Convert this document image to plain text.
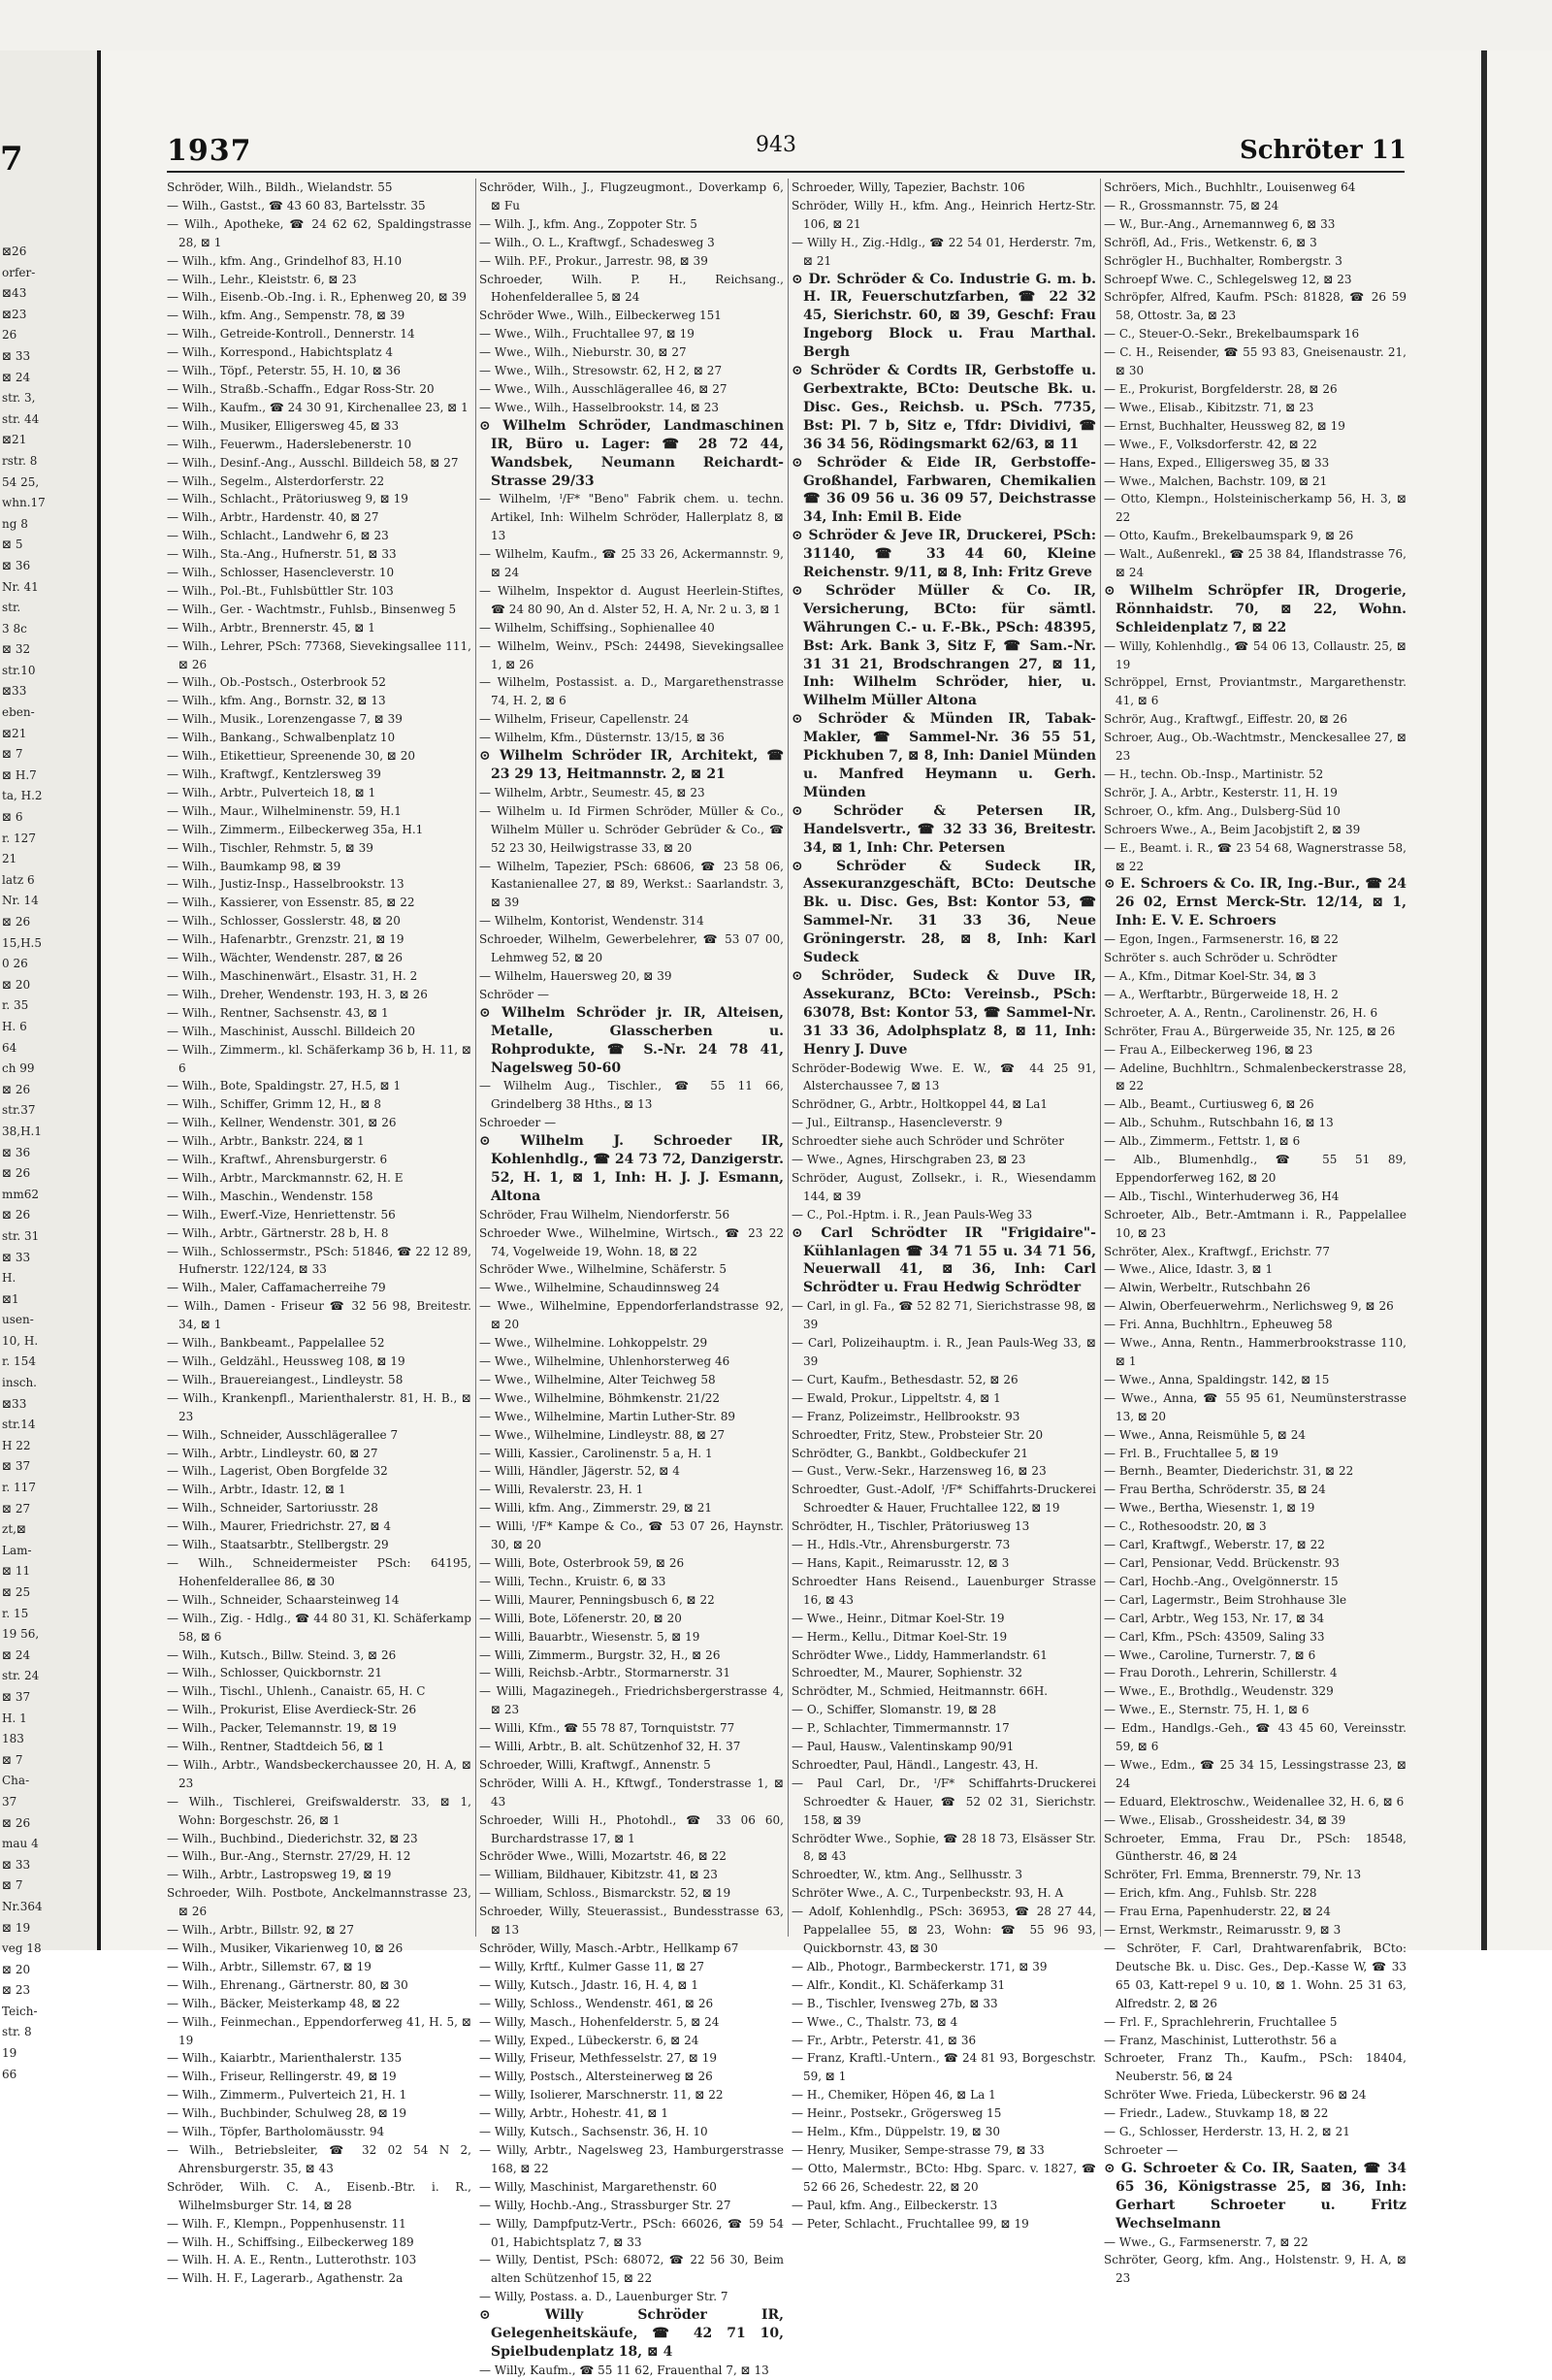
7
⊠26
orfer-
⊠43
⊠23
26
⊠ 33
⊠ 24
str. 3,
str. 44
⊠21
rstr. 8
54 25,
whn.17
ng 8
⊠ 5
⊠ 36
Nr. 41
str.
3 8c
⊠ 32
str.10
⊠33
eben-
⊠21
⊠ 7
⊠ H.7
ta, H.2
⊠ 6
r. 127
21
latz 6
Nr. 14
⊠ 26
15,H.5
0 26
⊠ 20
r. 35
H. 6
64
ch 99
⊠ 26
str.37
38,H.1
⊠ 36
⊠ 26
mm62
⊠ 26
str. 31
⊠ 33
H.
⊠1
usen-
10, H.
r. 154
insch.
⊠33
str.14
H 22
⊠ 37
r. 117
⊠ 27
zt,⊠
Lam-
⊠ 11
⊠ 25
r. 15
19 56,
⊠ 24
str. 24
⊠ 37
H. 1
183
⊠ 7
Cha-
37
⊠ 26
mau 4
⊠ 33
⊠ 7
Nr.364
⊠ 19
veg 18
⊠ 20
⊠ 23
Teich-
str. 8
19
66
1937	943	Schröter 11

Schröder, Wilh., Bildh., Wielandstr. 55

— Wilh., Gastst., ☎ 43 60 83, Bartelsstr. 35

— Wilh., Apotheke, ☎ 24 62 62, Spaldingstrasse 28, ⊠ 1

— Wilh., kfm. Ang., Grindelhof 83, H.10

— Wilh., Lehr., Kleiststr. 6, ⊠ 23

— Wilh., Eisenb.-Ob.-Ing. i. R., Ephenweg 20, ⊠ 39

— Wilh., kfm. Ang., Sempenstr. 78, ⊠ 39

— Wilh., Getreide-Kontroll., Dennerstr. 14

— Wilh., Korrespond., Habichtsplatz 4

— Wilh., Töpf., Peterstr. 55, H. 10, ⊠ 36

— Wilh., Straßb.-Schaffn., Edgar Ross-Str. 20

— Wilh., Kaufm., ☎ 24 30 91, Kirchenallee 23, ⊠ 1

— Wilh., Musiker, Elligersweg 45, ⊠ 33

— Wilh., Feuerwm., Haderslebenerstr. 10

— Wilh., Desinf.-Ang., Ausschl. Billdeich 58, ⊠ 27

— Wilh., Segelm., Alsterdorferstr. 22

— Wilh., Schlacht., Prätoriusweg 9, ⊠ 19

— Wilh., Arbtr., Hardenstr. 40, ⊠ 27

— Wilh., Schlacht., Landwehr 6, ⊠ 23

— Wilh., Sta.-Ang., Hufnerstr. 51, ⊠ 33

— Wilh., Schlosser, Hasencleverstr. 10

— Wilh., Pol.-Bt., Fuhlsbüttler Str. 103

— Wilh., Ger. - Wachtmstr., Fuhlsb., Binsenweg 5

— Wilh., Arbtr., Brennerstr. 45, ⊠ 1

— Wilh., Lehrer, PSch: 77368, Sievekingsallee 111, ⊠ 26

— Wilh., Ob.-Postsch., Osterbrook 52

— Wilh., kfm. Ang., Bornstr. 32, ⊠ 13

— Wilh., Musik., Lorenzengasse 7, ⊠ 39

— Wilh., Bankang., Schwalbenplatz 10

— Wilh., Etikettieur, Spreenende 30, ⊠ 20

— Wilh., Kraftwgf., Kentzlersweg 39

— Wilh., Arbtr., Pulverteich 18, ⊠ 1

— Wilh., Maur., Wilhelminenstr. 59, H.1

— Wilh., Zimmerm., Eilbeckerweg 35a, H.1

— Wilh., Tischler, Rehmstr. 5, ⊠ 39

— Wilh., Baumkamp 98, ⊠ 39

— Wilh., Justiz-Insp., Hasselbrookstr. 13

— Wilh., Kassierer, von Essenstr. 85, ⊠ 22

— Wilh., Schlosser, Gosslerstr. 48, ⊠ 20

— Wilh., Hafenarbtr., Grenzstr. 21, ⊠ 19

— Wilh., Wächter, Wendenstr. 287, ⊠ 26

— Wilh., Maschinenwärt., Elsastr. 31, H. 2

— Wilh., Dreher, Wendenstr. 193, H. 3, ⊠ 26

— Wilh., Rentner, Sachsenstr. 43, ⊠ 1

— Wilh., Maschinist, Ausschl. Billdeich 20

— Wilh., Zimmerm., kl. Schäferkamp 36 b, H. 11, ⊠ 6

— Wilh., Bote, Spaldingstr. 27, H.5, ⊠ 1

— Wilh., Schiffer, Grimm 12, H., ⊠ 8

— Wilh., Kellner, Wendenstr. 301, ⊠ 26

— Wilh., Arbtr., Bankstr. 224, ⊠ 1

— Wilh., Kraftwf., Ahrensburgerstr. 6

— Wilh., Arbtr., Marckmannstr. 62, H. E

— Wilh., Maschin., Wendenstr. 158

— Wilh., Ewerf.-Vize, Henriettenstr. 56

— Wilh., Arbtr., Gärtnerstr. 28 b, H. 8

— Wilh., Schlossermstr., PSch: 51846, ☎ 22 12 89, Hufnerstr. 122/124, ⊠ 33

— Wilh., Maler, Caffamacherreihe 79

— Wilh., Damen - Friseur ☎ 32 56 98, Breitestr. 34, ⊠ 1

— Wilh., Bankbeamt., Pappelallee 52

— Wilh., Geldzähl., Heussweg 108, ⊠ 19

— Wilh., Brauereiangest., Lindleystr. 58

— Wilh., Krankenpfl., Marienthalerstr. 81, H. B., ⊠ 23

— Wilh., Schneider, Ausschlägerallee 7

— Wilh., Arbtr., Lindleystr. 60, ⊠ 27

— Wilh., Lagerist, Oben Borgfelde 32

— Wilh., Arbtr., Idastr. 12, ⊠ 1

— Wilh., Schneider, Sartoriusstr. 28

— Wilh., Maurer, Friedrichstr. 27, ⊠ 4

— Wilh., Staatsarbtr., Stellbergstr. 29

— Wilh., Schneidermeister PSch: 64195, Hohenfelderallee 86, ⊠ 30

— Wilh., Schneider, Schaarsteinweg 14

— Wilh., Zig. - Hdlg., ☎ 44 80 31, Kl. Schäferkamp 58, ⊠ 6

— Wilh., Kutsch., Billw. Steind. 3, ⊠ 26

— Wilh., Schlosser, Quickbornstr. 21

— Wilh., Tischl., Uhlenh., Canaistr. 65, H. C

— Wilh., Prokurist, Elise Averdieck-Str. 26

— Wilh., Packer, Telemannstr. 19, ⊠ 19

— Wilh., Rentner, Stadtdeich 56, ⊠ 1

— Wilh., Arbtr., Wandsbeckerchaussee 20, H. A, ⊠ 23

— Wilh., Tischlerei, Greifswalderstr. 33, ⊠ 1, Wohn: Borgeschstr. 26, ⊠ 1

— Wilh., Buchbind., Diederichstr. 32, ⊠ 23

— Wilh., Bur.-Ang., Sternstr. 27/29, H. 12

— Wilh., Arbtr., Lastropsweg 19, ⊠ 19

Schroeder, Wilh. Postbote, Anckelmannstrasse 23, ⊠ 26

— Wilh., Arbtr., Billstr. 92, ⊠ 27

— Wilh., Musiker, Vikarienweg 10, ⊠ 26

— Wilh., Arbtr., Sillemstr. 67, ⊠ 19

— Wilh., Ehrenang., Gärtnerstr. 80, ⊠ 30

— Wilh., Bäcker, Meisterkamp 48, ⊠ 22

— Wilh., Feinmechan., Eppendorferweg 41, H. 5, ⊠ 19

— Wilh., Kaiarbtr., Marienthalerstr. 135

— Wilh., Friseur, Rellingerstr. 49, ⊠ 19

— Wilh., Zimmerm., Pulverteich 21, H. 1

— Wilh., Buchbinder, Schulweg 28, ⊠ 19

— Wilh., Töpfer, Bartholomäusstr. 94

— Wilh., Betriebsleiter, ☎ 32 02 54 N 2, Ahrensburgerstr. 35, ⊠ 43

Schröder, Wilh. C. A., Eisenb.-Btr. i. R., Wilhelmsburger Str. 14, ⊠ 28

— Wilh. F., Klempn., Poppenhusenstr. 11

— Wilh. H., Schiffsing., Eilbeckerweg 189

— Wilh. H. A. E., Rentn., Lutterothstr. 103

— Wilh. H. F., Lagerarb., Agathenstr. 2a

Schröder, Wilh., J., Flugzeugmont., Doverkamp 6, ⊠ Fu

— Wilh. J., kfm. Ang., Zoppoter Str. 5

— Wilh., O. L., Kraftwgf., Schadesweg 3

— Wilh. P.F., Prokur., Jarrestr. 98, ⊠ 39

Schroeder, Wilh. P. H., Reichsang., Hohenfelderallee 5, ⊠ 24

Schröder Wwe., Wilh., Eilbeckerweg 151

— Wwe., Wilh., Fruchtallee 97, ⊠ 19

— Wwe., Wilh., Nieburstr. 30, ⊠ 27

— Wwe., Wilh., Stresowstr. 62, H 2, ⊠ 27

— Wwe., Wilh., Ausschlägerallee 46, ⊠ 27

— Wwe., Wilh., Hasselbrookstr. 14, ⊠ 23

⊙ Wilhelm Schröder, Landmaschinen IR, Büro u. Lager: ☎ 28 72 44, Wandsbek, Neumann Reichardt-Strasse 29/33

— Wilhelm, ᴵ/F* "Beno" Fabrik chem. u. techn. Artikel, Inh: Wilhelm Schröder, Hallerplatz 8, ⊠ 13

— Wilhelm, Kaufm., ☎ 25 33 26, Ackermannstr. 9, ⊠ 24

— Wilhelm, Inspektor d. August Heerlein-Stiftes, ☎ 24 80 90, An d. Alster 52, H. A, Nr. 2 u. 3, ⊠ 1

— Wilhelm, Schiffsing., Sophienallee 40

— Wilhelm, Weinv., PSch: 24498, Sievekingsallee 1, ⊠ 26

— Wilhelm, Postassist. a. D., Margarethenstrasse 74, H. 2, ⊠ 6

— Wilhelm, Friseur, Capellenstr. 24

— Wilhelm, Kfm., Düsternstr. 13/15, ⊠ 36

⊙ Wilhelm Schröder IR, Architekt, ☎ 23 29 13, Heitmannstr. 2, ⊠ 21

— Wilhelm, Arbtr., Seumestr. 45, ⊠ 23

— Wilhelm u. Id Firmen Schröder, Müller & Co., Wilhelm Müller u. Schröder Gebrüder & Co., ☎ 52 23 30, Heilwigstrasse 33, ⊠ 20

— Wilhelm, Tapezier, PSch: 68606, ☎ 23 58 06, Kastanienallee 27, ⊠ 89, Werkst.: Saarlandstr. 3, ⊠ 39

— Wilhelm, Kontorist, Wendenstr. 314

Schroeder, Wilhelm, Gewerbelehrer, ☎ 53 07 00, Lehmweg 52, ⊠ 20

— Wilhelm, Hauersweg 20, ⊠ 39

Schröder —

⊙ Wilhelm Schröder jr. IR, Alteisen, Metalle, Glasscherben u. Rohprodukte, ☎ S.-Nr. 24 78 41, Nagelsweg 50-60

— Wilhelm Aug., Tischler., ☎ 55 11 66, Grindelberg 38 Hths., ⊠ 13

Schroeder —

⊙ Wilhelm J. Schroeder IR, Kohlenhdlg., ☎ 24 73 72, Danzigerstr. 52, H. 1, ⊠ 1, Inh: H. J. J. Esmann, Altona

Schröder, Frau Wilhelm, Niendorferstr. 56

Schroeder Wwe., Wilhelmine, Wirtsch., ☎ 23 22 74, Vogelweide 19, Wohn. 18, ⊠ 22

Schröder Wwe., Wilhelmine, Schäferstr. 5

— Wwe., Wilhelmine, Schaudinnsweg 24

— Wwe., Wilhelmine, Eppendorferlandstrasse 92, ⊠ 20

— Wwe., Wilhelmine. Lohkoppelstr. 29

— Wwe., Wilhelmine, Uhlenhorsterweg 46

— Wwe., Wilhelmine, Alter Teichweg 58

— Wwe., Wilhelmine, Böhmkenstr. 21/22

— Wwe., Wilhelmine, Martin Luther-Str. 89

— Wwe., Wilhelmine, Lindleystr. 88, ⊠ 27

— Willi, Kassier., Carolinenstr. 5 a, H. 1

— Willi, Händler, Jägerstr. 52, ⊠ 4

— Willi, Revalerstr. 23, H. 1

— Willi, kfm. Ang., Zimmerstr. 29, ⊠ 21

— Willi, ᴵ/F* Kampe & Co., ☎ 53 07 26, Haynstr. 30, ⊠ 20

— Willi, Bote, Osterbrook 59, ⊠ 26

— Willi, Techn., Kruistr. 6, ⊠ 33

— Willi, Maurer, Penningsbusch 6, ⊠ 22

— Willi, Bote, Löfenerstr. 20, ⊠ 20

— Willi, Bauarbtr., Wiesenstr. 5, ⊠ 19

— Willi, Zimmerm., Burgstr. 32, H., ⊠ 26

— Willi, Reichsb.-Arbtr., Stormarnerstr. 31

— Willi, Magazinegeh., Friedrichsbergerstrasse 4, ⊠ 23

— Willi, Kfm., ☎ 55 78 87, Tornquiststr. 77

— Willi, Arbtr., B. alt. Schützenhof 32, H. 37

Schroeder, Willi, Kraftwgf., Annenstr. 5

Schröder, Willi A. H., Kftwgf., Tonderstrasse 1, ⊠ 43

Schroeder, Willi H., Photohdl., ☎ 33 06 60, Burchardstrasse 17, ⊠ 1

Schröder Wwe., Willi, Mozartstr. 46, ⊠ 22

— William, Bildhauer, Kibitzstr. 41, ⊠ 23

— William, Schloss., Bismarckstr. 52, ⊠ 19

Schroeder, Willy, Steuerassist., Bundesstrasse 63, ⊠ 13

Schröder, Willy, Masch.-Arbtr., Hellkamp 67

— Willy, Krftf., Kulmer Gasse 11, ⊠ 27

— Willy, Kutsch., Jdastr. 16, H. 4, ⊠ 1

— Willy, Schloss., Wendenstr. 461, ⊠ 26

— Willy, Masch., Hohenfelderstr. 5, ⊠ 24

— Willy, Exped., Lübeckerstr. 6, ⊠ 24

— Willy, Friseur, Methfesselstr. 27, ⊠ 19

— Willy, Postsch., Altersteinerweg ⊠ 26

— Willy, Isolierer, Marschnerstr. 11, ⊠ 22

— Willy, Arbtr., Hohestr. 41, ⊠ 1

— Willy, Kutsch., Sachsenstr. 36, H. 10

— Willy, Arbtr., Nagelsweg 23, Hamburgerstrasse 168, ⊠ 22

— Willy, Maschinist, Margarethenstr. 60

— Willy, Hochb.-Ang., Strassburger Str. 27

— Willy, Dampfputz-Vertr., PSch: 66026, ☎ 59 54 01, Habichtsplatz 7, ⊠ 33

— Willy, Dentist, PSch: 68072, ☎ 22 56 30, Beim alten Schützenhof 15, ⊠ 22

— Willy, Postass. a. D., Lauenburger Str. 7

⊙ Willy Schröder IR, Gelegenheitskäufe, ☎ 42 71 10, Spielbudenplatz 18, ⊠ 4

— Willy, Kaufm., ☎ 55 11 62, Frauenthal 7, ⊠ 13

Schroeder, Willy, Tapezier, Bachstr. 106

Schröder, Willy H., kfm. Ang., Heinrich Hertz-Str. 106, ⊠ 21

— Willy H., Zig.-Hdlg., ☎ 22 54 01, Herderstr. 7m, ⊠ 21

⊙ Dr. Schröder & Co. Industrie G. m. b. H. IR, Feuerschutzfarben, ☎ 22 32 45, Sierichstr. 60, ⊠ 39, Geschf: Frau Ingeborg Block u. Frau Marthal. Bergh

⊙ Schröder & Cordts IR, Gerbstoffe u. Gerbextrakte, BCto: Deutsche Bk. u. Disc. Ges., Reichsb. u. PSch. 7735, Bst: Pl. 7 b, Sitz e, Tfdr: Dividivi, ☎ 36 34 56, Rödingsmarkt 62/63, ⊠ 11

⊙ Schröder & Eide IR, Gerbstoffe-Großhandel, Farbwaren, Chemikalien ☎ 36 09 56 u. 36 09 57, Deichstrasse 34, Inh: Emil B. Eide

⊙ Schröder & Jeve IR, Druckerei, PSch: 31140, ☎ 33 44 60, Kleine Reichenstr. 9/11, ⊠ 8, Inh: Fritz Greve

⊙ Schröder Müller & Co. IR, Versicherung, BCto: für sämtl. Währungen C.- u. F.-Bk., PSch: 48395, Bst: Ark. Bank 3, Sitz F, ☎ Sam.-Nr. 31 31 21, Brodschrangen 27, ⊠ 11, Inh: Wilhelm Schröder, hier, u. Wilhelm Müller Altona

⊙ Schröder & Münden IR, Tabak-Makler, ☎ Sammel-Nr. 36 55 51, Pickhuben 7, ⊠ 8, Inh: Daniel Münden u. Manfred Heymann u. Gerh. Münden

⊙ Schröder & Petersen IR, Handelsvertr., ☎ 32 33 36, Breitestr. 34, ⊠ 1, Inh: Chr. Petersen

⊙ Schröder & Sudeck IR, Asseкuranzgeschäft, BCto: Deutsche Bk. u. Disc. Ges, Bst: Kontor 53, ☎ Sammel-Nr. 31 33 36, Neue Gröningerstr. 28, ⊠ 8, Inh: Karl Sudeck

⊙ Schröder, Sudeck & Duve IR, Assekuranz, BCto: Vereinsb., PSch: 63078, Bst: Kontor 53, ☎ Sammel-Nr. 31 33 36, Adolphsplatz 8, ⊠ 11, Inh: Henry J. Duve

Schröder-Bodewig Wwe. E. W., ☎ 44 25 91, Alsterchaussee 7, ⊠ 13

Schrödner, G., Arbtr., Holtkoppel 44, ⊠ La1

— Jul., Eiltransp., Hasencleverstr. 9

Schroedter siehe auch Schröder und Schröter

— Wwe., Agnes, Hirschgraben 23, ⊠ 23

Schröder, August, Zollsekr., i. R., Wiesendamm 144, ⊠ 39

— C., Pol.-Hptm. i. R., Jean Pauls-Weg 33

⊙ Carl Schrödter IR "Frigidaire"-Kühlanlagen ☎ 34 71 55 u. 34 71 56, Neuerwall 41, ⊠ 36, Inh: Carl Schrödter u. Frau Hedwig Schrödter

— Carl, in gl. Fa., ☎ 52 82 71, Sierichstrasse 98, ⊠ 39

— Carl, Polizeihauptm. i. R., Jean Pauls-Weg 33, ⊠ 39

— Curt, Kaufm., Bethesdastr. 52, ⊠ 26

— Ewald, Prokur., Lippeltstr. 4, ⊠ 1

— Franz, Polizeimstr., Hellbrookstr. 93

Schroedter, Fritz, Stew., Probsteier Str. 20

Schrödter, G., Bankbt., Goldbeckufer 21

— Gust., Verw.-Sekr., Harzensweg 16, ⊠ 23

Schroedter, Gust.-Adolf, ᴵ/F* Schiffahrts-Druckerei Schroedter & Hauer, Fruchtallee 122, ⊠ 19

Schrödter, H., Tischler, Prätoriusweg 13

— H., Hdls.-Vtr., Ahrensburgerstr. 73

— Hans, Kapit., Reimarusstr. 12, ⊠ 3

Schroedter Hans Reisend., Lauenburger Strasse 16, ⊠ 43

— Wwe., Heinr., Ditmar Koel-Str. 19

— Herm., Kellu., Ditmar Koel-Str. 19

Schrödter Wwe., Liddy, Hammerlandstr. 61

Schroedter, M., Maurer, Sophienstr. 32

Schrödter, M., Schmied, Heitmannstr. 66H.

— O., Schiffer, Slomanstr. 19, ⊠ 28

— P., Schlachter, Timmermannstr. 17

— Paul, Hausw., Valentinskamp 90/91

Schroedter, Paul, Händl., Langestr. 43, H.

— Paul Carl, Dr., ᴵ/F* Schiffahrts-Druckerei Schroedter & Hauer, ☎ 52 02 31, Sierichstr. 158, ⊠ 39

Schrödter Wwe., Sophie, ☎ 28 18 73, Elsässer Str. 8, ⊠ 43

Schroedter, W., ktm. Ang., Sellhusstr. 3

Schröter Wwe., A. C., Turpenbeckstr. 93, H. A

— Adolf, Kohlenhdlg., PSch: 36953, ☎ 28 27 44, Pappelallee 55, ⊠ 23, Wohn: ☎ 55 96 93, Quickbornstr. 43, ⊠ 30

— Alb., Photogr., Barmbeckerstr. 171, ⊠ 39

— Alfr., Kondit., Kl. Schäferkamp 31

— B., Tischler, Ivensweg 27b, ⊠ 33

— Wwe., C., Thalstr. 73, ⊠ 4

— Fr., Arbtr., Peterstr. 41, ⊠ 36

— Franz, Kraftl.-Untern., ☎ 24 81 93, Borgeschstr. 59, ⊠ 1

— H., Chemiker, Höpen 46, ⊠ La 1

— Heinr., Postsekr., Grögersweg 15

— Helm., Kfm., Düppelstr. 19, ⊠ 30

— Henry, Musiker, Sempe-strasse 79, ⊠ 33

— Otto, Malermstr., BCto: Hbg. Sparc. v. 1827, ☎ 52 66 26, Schedestr. 22, ⊠ 20

— Paul, kfm. Ang., Eilbeckerstr. 13

— Peter, Schlacht., Fruchtallee 99, ⊠ 19

Schröers, Mich., Buchhltr., Louisenweg 64

— R., Grossmannstr. 75, ⊠ 24

— W., Bur.-Ang., Arnemannweg 6, ⊠ 33

Schröfl, Ad., Fris., Wetkenstr. 6, ⊠ 3

Schrögler H., Buchhalter, Rombergstr. 3

Schroepf Wwe. C., Schlegelsweg 12, ⊠ 23

Schröpfer, Alfred, Kaufm. PSch: 81828, ☎ 26 59 58, Ottostr. 3a, ⊠ 23

— C., Steuer-O.-Sekr., Brekelbaumspark 16

— C. H., Reisender, ☎ 55 93 83, Gneisenaustr. 21, ⊠ 30

— E., Prokurist, Borgfelderstr. 28, ⊠ 26

— Wwe., Elisab., Kibitzstr. 71, ⊠ 23

— Ernst, Buchhalter, Heussweg 82, ⊠ 19

— Wwe., F., Volksdorferstr. 42, ⊠ 22

— Hans, Exped., Elligersweg 35, ⊠ 33

— Wwe., Malchen, Bachstr. 109, ⊠ 21

— Otto, Klempn., Holsteinischerkamp 56, H. 3, ⊠ 22

— Otto, Kaufm., Brekelbaumspark 9, ⊠ 26

— Walt., Außenrekl., ☎ 25 38 84, Iflandstrasse 76, ⊠ 24

⊙ Wilhelm Schröpfer IR, Drogerie, Rönnhaidstr. 70, ⊠ 22, Wohn. Schleidenplatz 7, ⊠ 22

— Willy, Kohlenhdlg., ☎ 54 06 13, Collaustr. 25, ⊠ 19

Schröppel, Ernst, Proviantmstr., Margarethenstr. 41, ⊠ 6

Schrör, Aug., Kraftwgf., Eiffestr. 20, ⊠ 26

Schroer, Aug., Ob.-Wachtmstr., Menckesallee 27, ⊠ 23

— H., techn. Ob.-Insp., Martinistr. 52

Schrör, J. A., Arbtr., Kesterstr. 11, H. 19

Schroer, O., kfm. Ang., Dulsberg-Süd 10

Schroers Wwe., A., Beim Jacobjstift 2, ⊠ 39

— E., Beamt. i. R., ☎ 23 54 68, Wagnerstrasse 58, ⊠ 22

⊙ E. Schroers & Co. IR, Ing.-Bur., ☎ 24 26 02, Ernst Merck-Str. 12/14, ⊠ 1, Inh: E. V. E. Schroers

— Egon, Ingen., Farmsenerstr. 16, ⊠ 22

Schröter s. auch Schröder u. Schrödter

— A., Kfm., Ditmar Koel-Str. 34, ⊠ 3

— A., Werftarbtr., Bürgerweide 18, H. 2

Schroeter, A. A., Rentn., Carolinenstr. 26, H. 6

Schröter, Frau A., Bürgerweide 35, Nr. 125, ⊠ 26

— Frau A., Eilbeckerweg 196, ⊠ 23

— Adeline, Buchhltrn., Schmalenbeckerstrasse 28, ⊠ 22

— Alb., Beamt., Curtiusweg 6, ⊠ 26

— Alb., Schuhm., Rutschbahn 16, ⊠ 13

— Alb., Zimmerm., Fettstr. 1, ⊠ 6

— Alb., Blumenhdlg., ☎ 55 51 89, Eppendorferweg 162, ⊠ 20

— Alb., Tischl., Winterhuderweg 36, H4

Schroeter, Alb., Betr.-Amtmann i. R., Pappelallee 10, ⊠ 23

Schröter, Alex., Kraftwgf., Erichstr. 77

— Wwe., Alice, Idastr. 3, ⊠ 1

— Alwin, Werbeltr., Rutschbahn 26

— Alwin, Oberfeuerwehrm., Nerlichsweg 9, ⊠ 26

— Fri. Anna, Buchhltrn., Epheuweg 58

— Wwe., Anna, Rentn., Hammerbrookstrasse 110, ⊠ 1

— Wwe., Anna, Spaldingstr. 142, ⊠ 15

— Wwe., Anna, ☎ 55 95 61, Neumünsterstrasse 13, ⊠ 20

— Wwe., Anna, Reismühle 5, ⊠ 24

— Frl. B., Fruchtallee 5, ⊠ 19

— Bernh., Beamter, Diederichstr. 31, ⊠ 22

— Frau Bertha, Schröderstr. 35, ⊠ 24

— Wwe., Bertha, Wiesenstr. 1, ⊠ 19

— C., Rothesoodstr. 20, ⊠ 3

— Carl, Kraftwgf., Weberstr. 17, ⊠ 22

— Carl, Pensionar, Vedd. Brückenstr. 93

— Carl, Hochb.-Ang., Ovelgönnerstr. 15

— Carl, Lagermstr., Beim Strohhause 3le

— Carl, Arbtr., Weg 153, Nr. 17, ⊠ 34

— Carl, Kfm., PSch: 43509, Saling 33

— Wwe., Caroline, Turnerstr. 7, ⊠ 6

— Frau Doroth., Lehrerin, Schillerstr. 4

— Wwe., E., Brothdlg., Weudenstr. 329

— Wwe., E., Sternstr. 75, H. 1, ⊠ 6

— Edm., Handlgs.-Geh., ☎ 43 45 60, Vereinsstr. 59, ⊠ 6

— Wwe., Edm., ☎ 25 34 15, Lessingstrasse 23, ⊠ 24

— Eduard, Elektroschw., Weidenallee 32, H. 6, ⊠ 6

— Wwe., Elisab., Grossheidestr. 34, ⊠ 39

Schroeter, Emma, Frau Dr., PSch: 18548, Güntherstr. 46, ⊠ 24

Schröter, Frl. Emma, Brennerstr. 79, Nr. 13

— Erich, kfm. Ang., Fuhlsb. Str. 228

— Frau Erna, Papenhuderstr. 22, ⊠ 24

— Ernst, Werkmstr., Reimarusstr. 9, ⊠ 3

— Schröter, F. Carl, Drahtwarenfabrik, BCto: Deutsche Bk. u. Disc. Ges., Dep.-Kasse W, ☎ 33 65 03, Katt-repel 9 u. 10, ⊠ 1. Wohn. 25 31 63, Alfredstr. 2, ⊠ 26

— Frl. F., Sprachlehrerin, Fruchtallee 5

— Franz, Maschinist, Lutterothstr. 56 a

Schroeter, Franz Th., Kaufm., PSch: 18404, Neuberstr. 56, ⊠ 24

Schröter Wwe. Frieda, Lübeckerstr. 96 ⊠ 24

— Friedr., Ladew., Stuvkamp 18, ⊠ 22

— G., Schlosser, Herderstr. 13, H. 2, ⊠ 21

Schroeter —

⊙ G. Schroeter & Co. IR, Saaten, ☎ 34 65 36, Königstrasse 25, ⊠ 36, Inh: Gerhart Schroeter u. Fritz Wechselmann

— Wwe., G., Farmsenerstr. 7, ⊠ 22

Schröter, Georg, kfm. Ang., Holstenstr. 9, H. A, ⊠ 23
